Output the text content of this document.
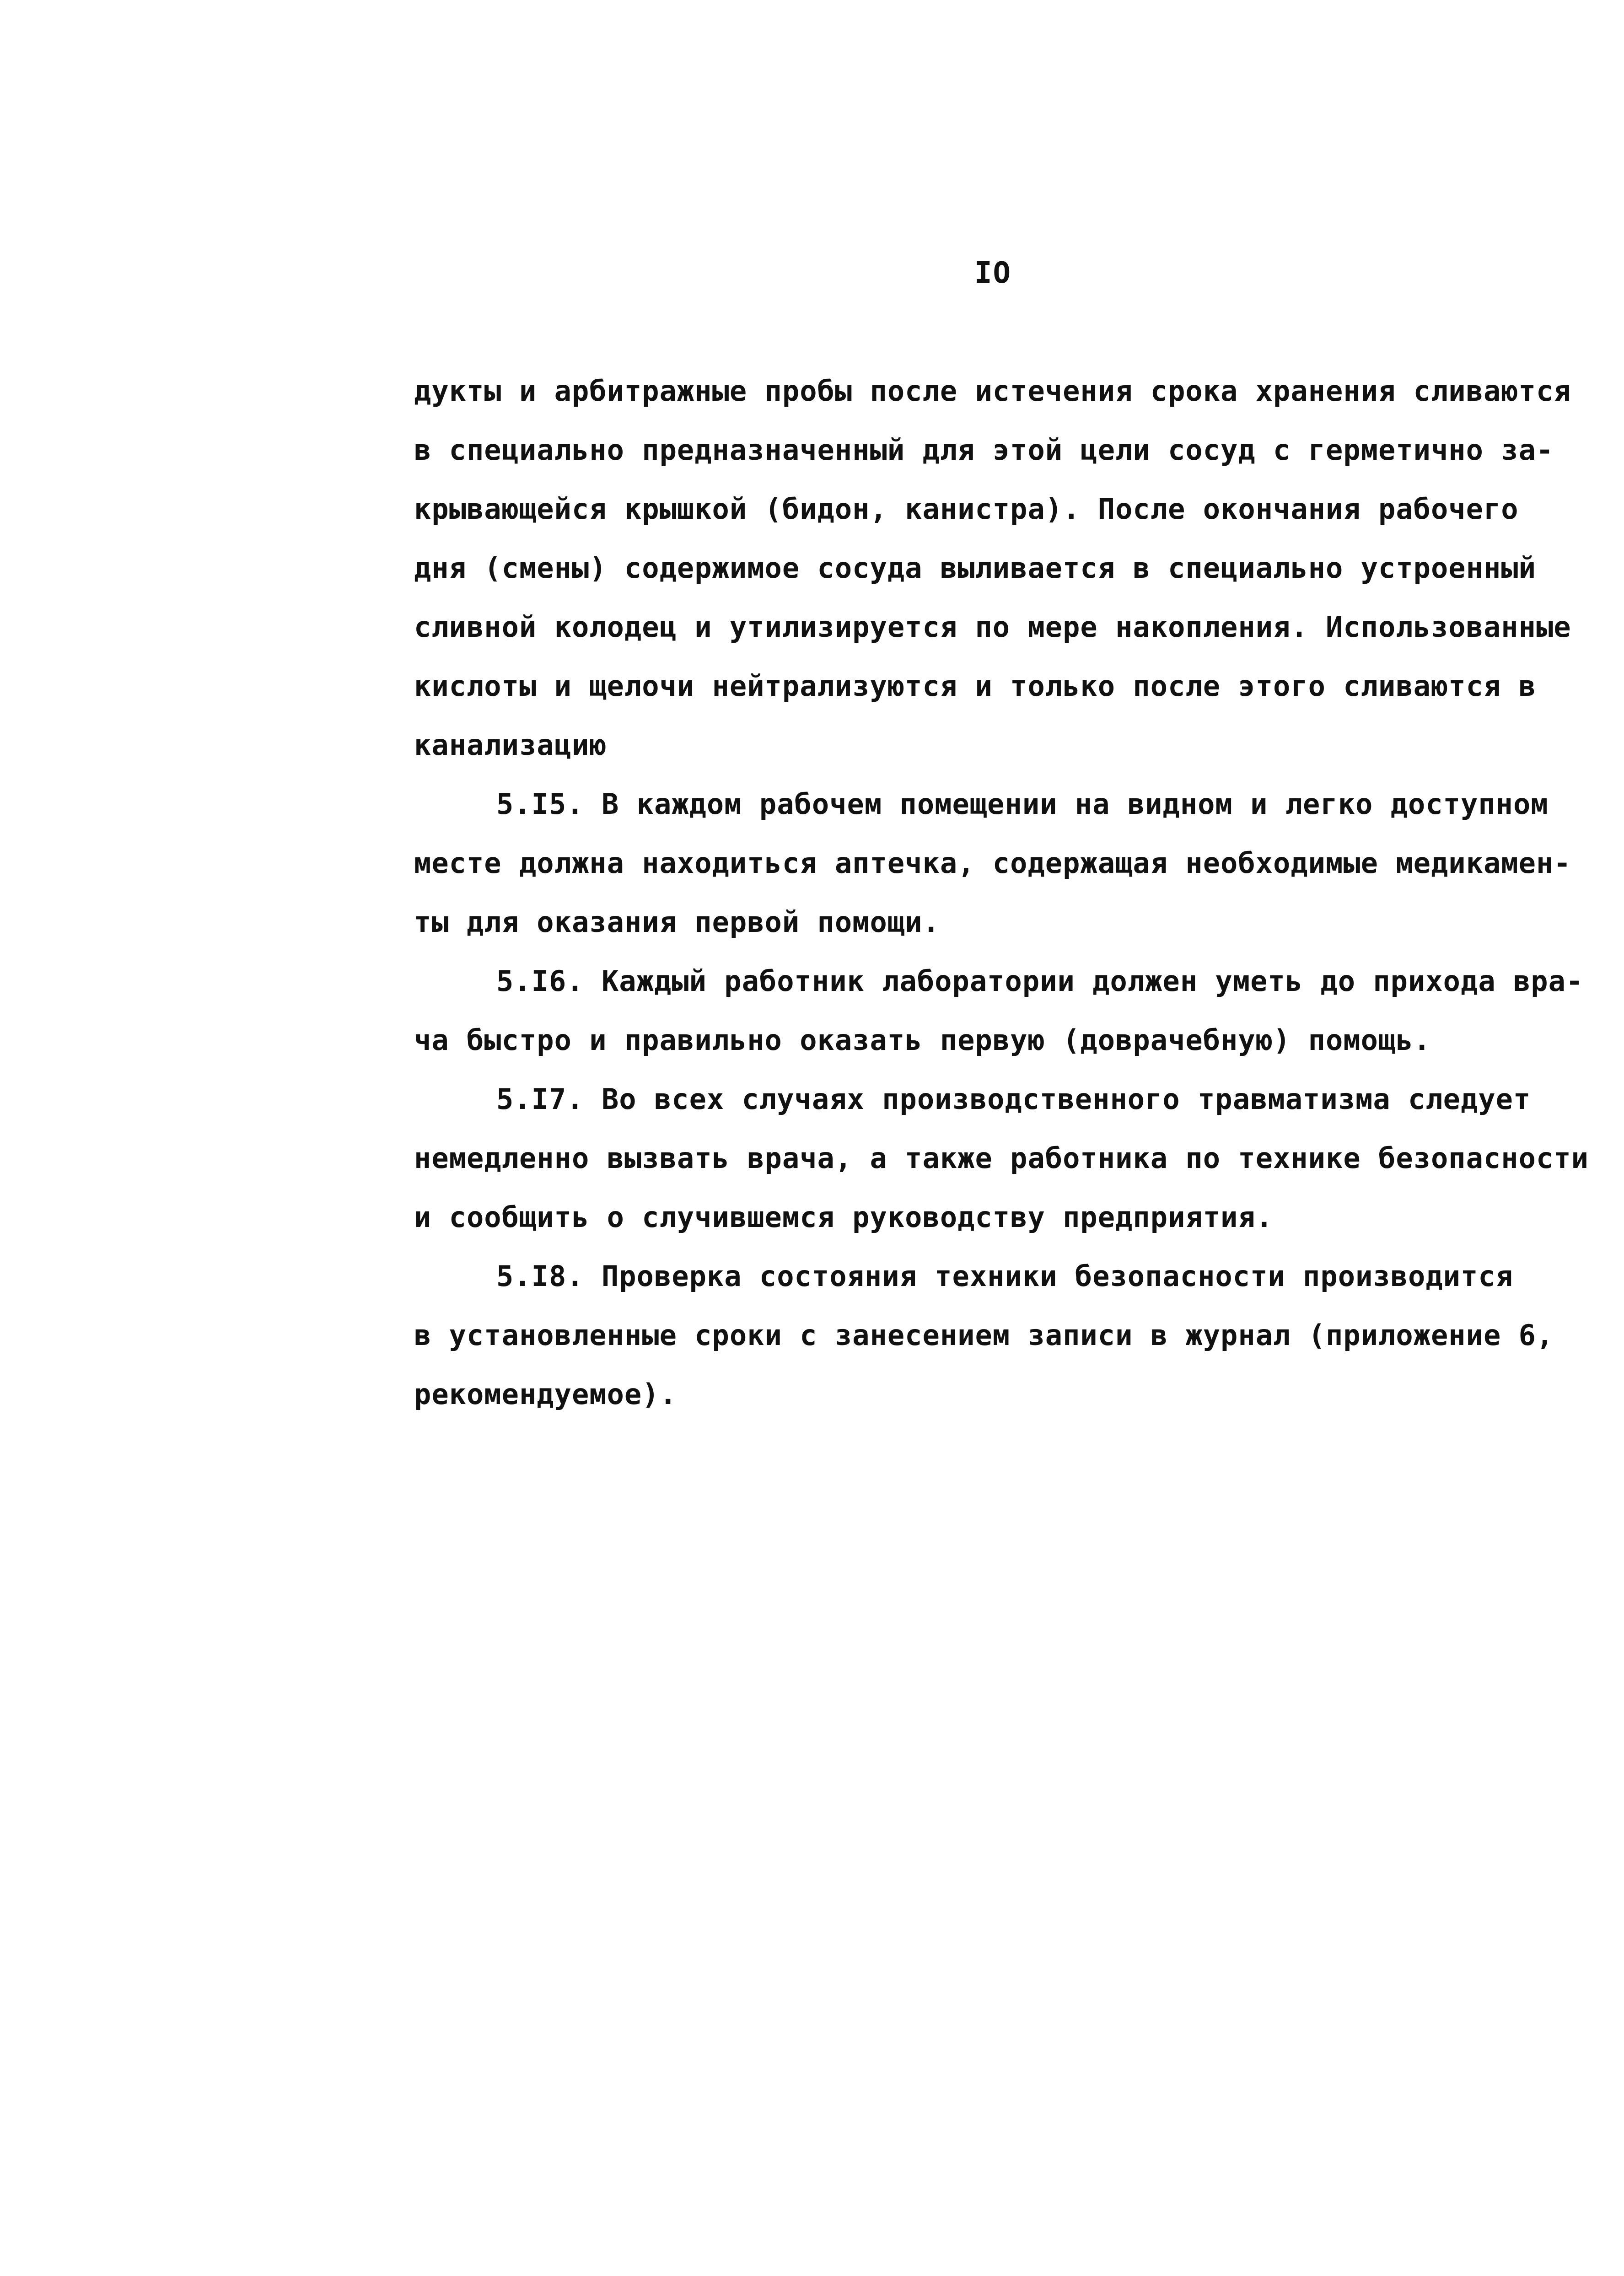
IO
дукты и арбитражные пробы после истечения срока хранения сливаются
в специально предназначенный для этой цели сосуд с герметично за-
крывающейся крышкой (бидон, канистра). После окончания рабочего
дня (смены) содержимое сосуда выливается в специально устроенный
сливной колодец и утилизируется по мере накопления. Использованные
кислоты и щелочи нейтрализуются и только после этого сливаются в
канализацию
5.I5. В каждом рабочем помещении на видном и легко доступном
месте должна находиться аптечка, содержащая необходимые медикамен-
ты для оказания первой помощи.
5.I6. Каждый работник лаборатории должен уметь до прихода вра-
ча быстро и правильно оказать первую (доврачебную) помощь.
5.I7. Во всех случаях производственного травматизма следует
немедленно вызвать врача, а также работника по технике безопасности
и сообщить о случившемся руководству предприятия.
5.I8. Проверка состояния техники безопасности производится
в установленные сроки с занесением записи в журнал (приложение 6,
рекомендуемое).
